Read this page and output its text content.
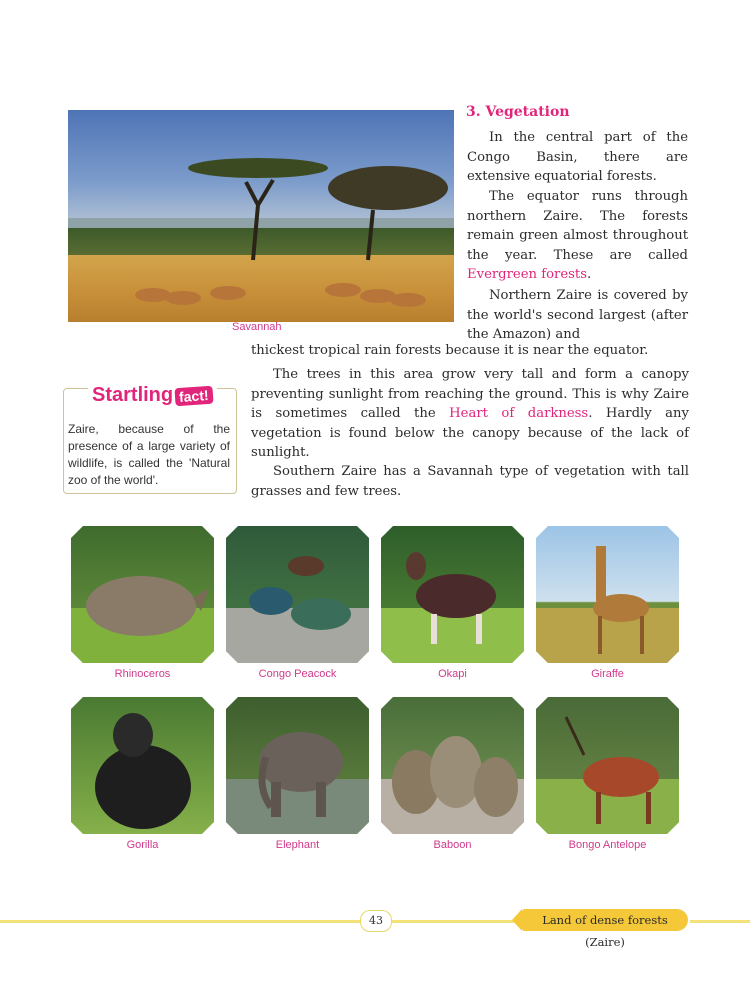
Savannah
3. Vegetation

In the central part of the Congo Basin, there are extensive equatorial forests.

The equator runs through northern Zaire. The forests remain green almost throughout the year. These are called Evergreen forests.

Northern Zaire is covered by the world's second largest (after the Amazon) and

thickest tropical rain forests because it is near the equator.

The trees in this area grow very tall and form a canopy preventing sunlight from reaching the ground. This is why Zaire is sometimes called the Heart of darkness. Hardly any vegetation is found below the canopy because of the lack of sunlight.

Southern Zaire has a Savannah type of vegetation with tall grasses and few trees.

Startling fact!

Zaire, because of the presence of a large variety of wildlife, is called the 'Natural zoo of the world'.

Rhinoceros	Congo Peacock	Okapi	Giraffe
Gorilla	Elephant	Baboon	Bongo Antelope
43	Land of dense forests (Zaire)
